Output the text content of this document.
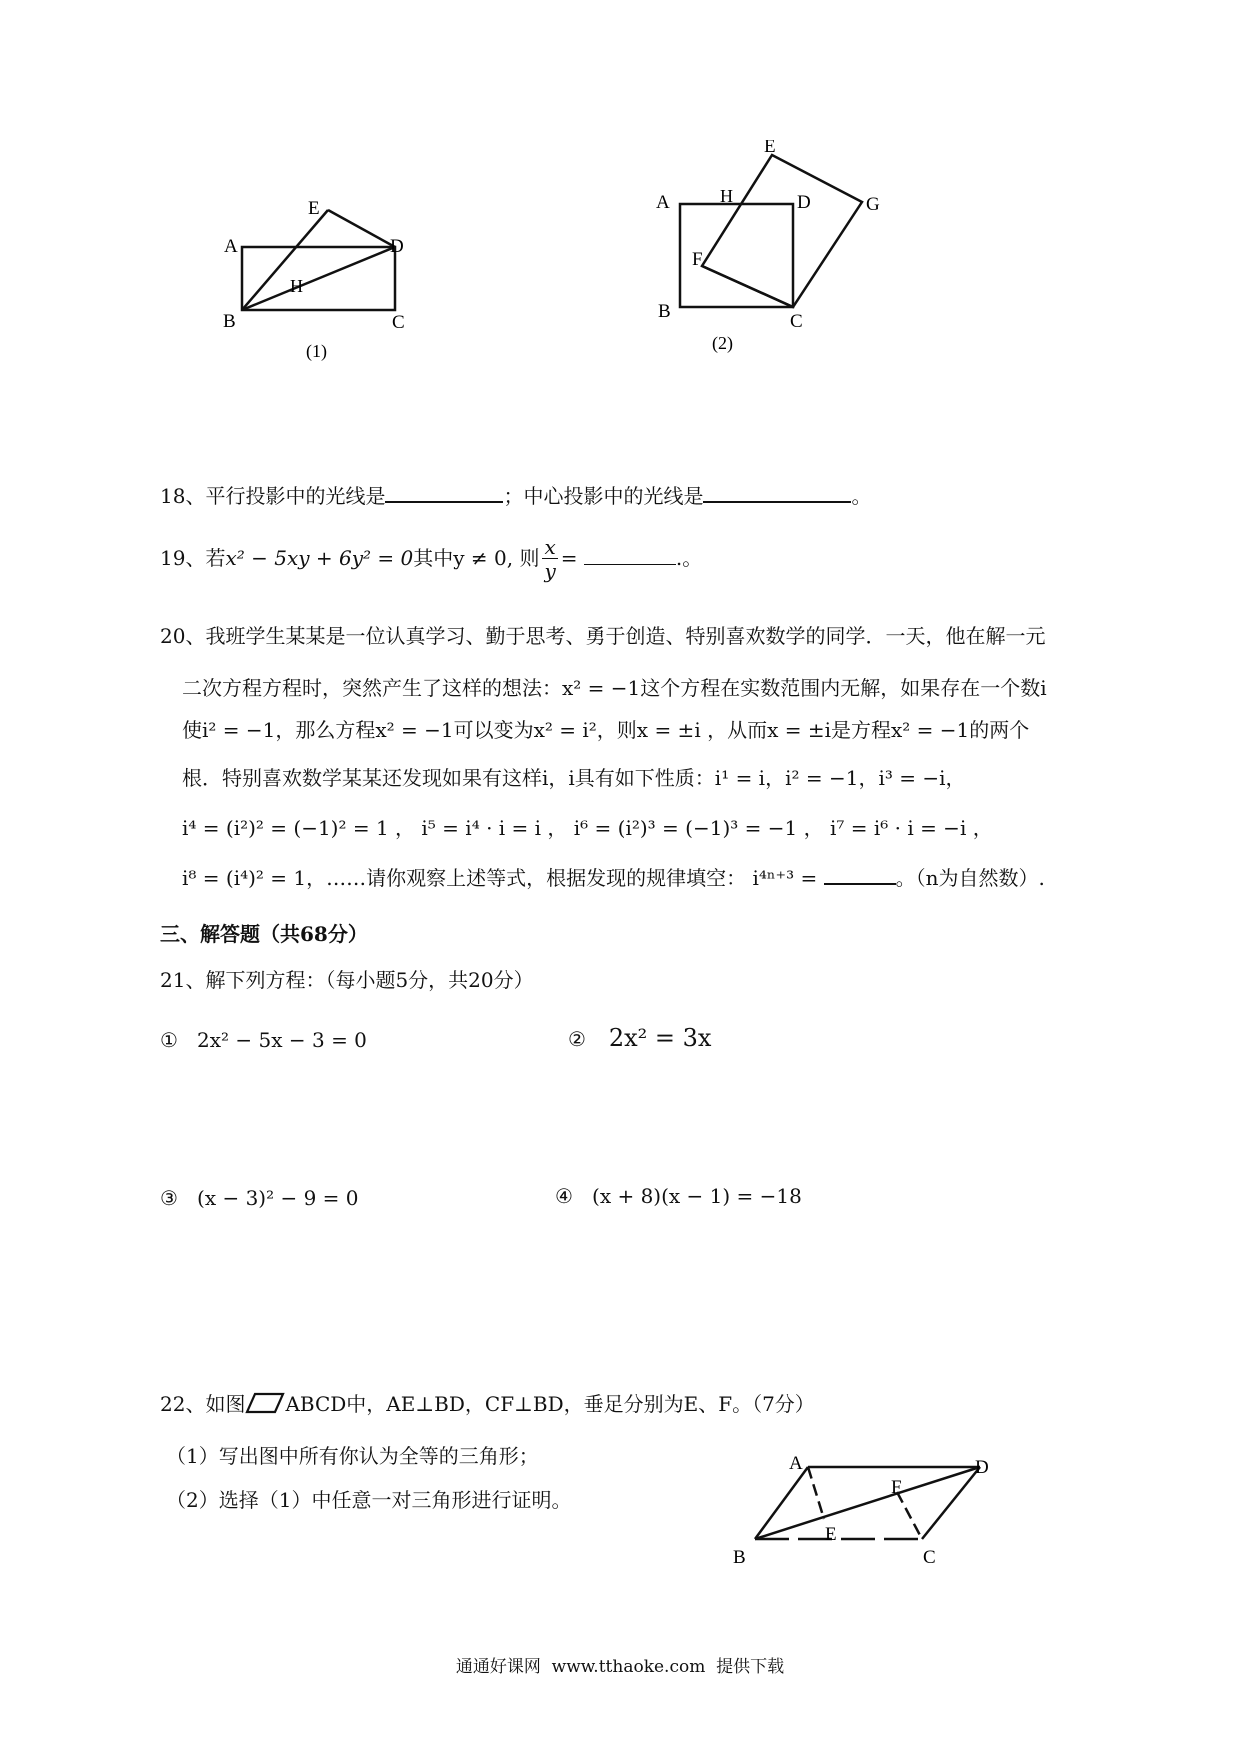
A
B	C
D
E
H
(1)
A
B	C
D
E
F
G
H
(2)
18、平行投影中的光线是	；中心投影中的光线是	。
19、若x² − 5xy + 6y² = 0其中y ≠ 0, 则 $\frac{x}{y}$ =	.。
20、我班学生某某是一位认真学习、勤于思考、勇于创造、特别喜欢数学的同学．一天，他在解一元
二次方程方程时，突然产生了这样的想法：x² = −1这个方程在实数范围内无解，如果存在一个数i
使i² = −1，那么方程x² = −1可以变为x² = i²，则x = ±i ，从而x = ±i是方程x² = −1的两个
根．特别喜欢数学某某还发现如果有这样i，i具有如下性质：i¹ = i，i² = −1，i³ = −i，
i⁴ = (i²)² = (−1)² = 1 ， i⁵ = i⁴ · i = i ， i⁶ = (i²)³ = (−1)³ = −1 ， i⁷ = i⁶ · i = −i ，
i⁸ = (i⁴)² = 1，……请你观察上述等式，根据发现的规律填空： i⁴ⁿ⁺³ =	。（n为自然数）.
三、解答题（共68分）
21、解下列方程：（每小题5分，共20分）
① 2x² − 5x − 3 = 0	② 2x² = 3x
③ (x − 3)² − 9 = 0	④ (x + 8)(x − 1) = −18
22、如图 ABCD中，AE⊥BD，CF⊥BD，垂足分别为E、F。（7分）
（1）写出图中所有你认为全等的三角形；
（2）选择（1）中任意一对三角形进行证明。
A	D
B	C
E
F
通通好课网  www.tthaoke.com  提供下载
